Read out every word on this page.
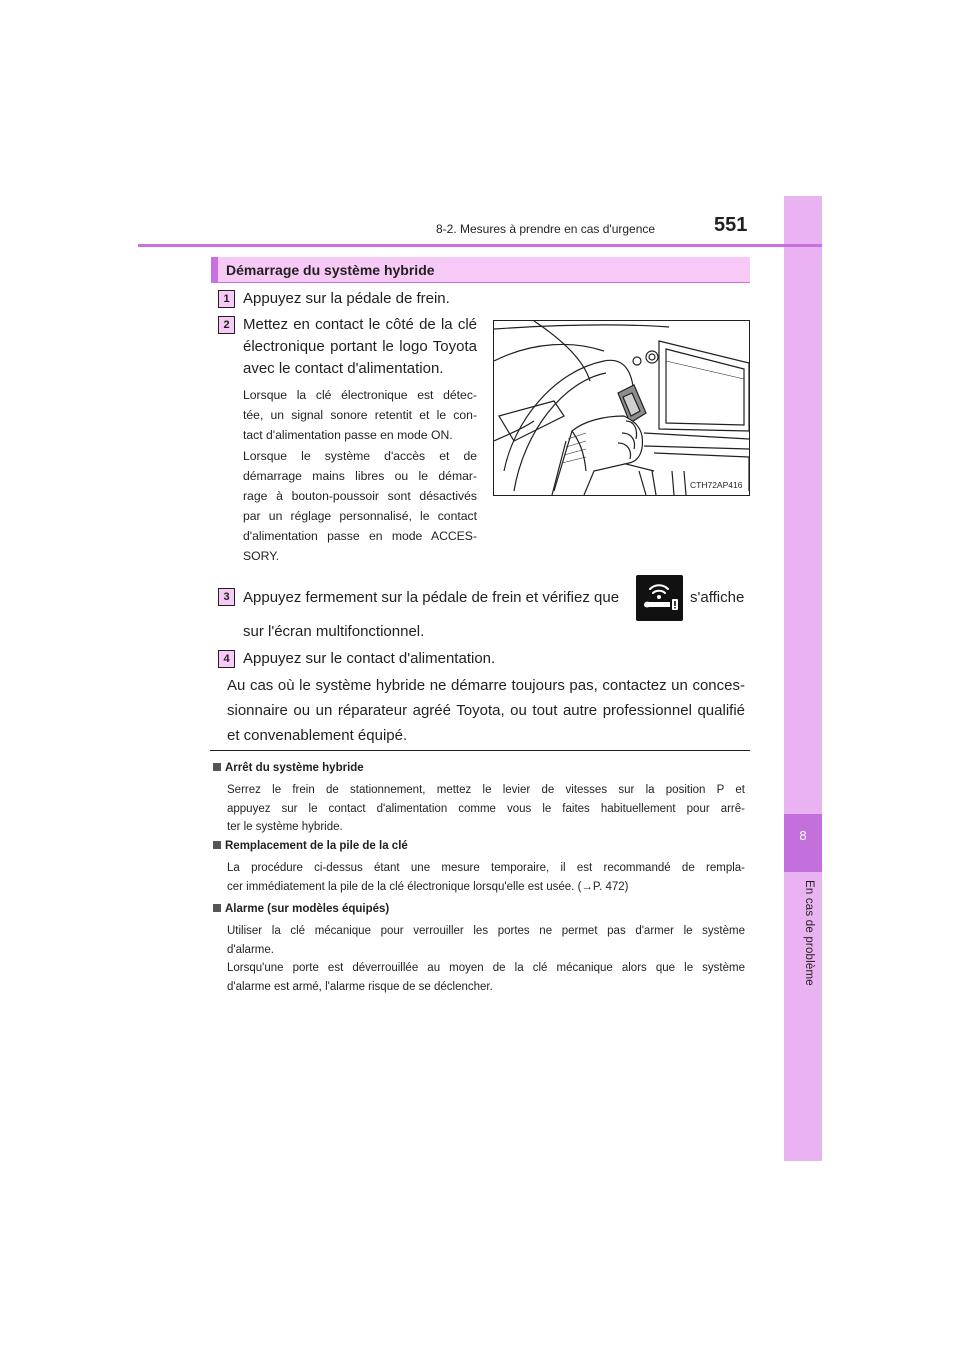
8
En cas de problème
8-2. Mesures à prendre en cas d'urgence	551
Démarrage du système hybride
1 Appuyez sur la pédale de frein.
2 Mettez en contact le côté de la clé
électronique portant le logo Toyota
avec le contact d'alimentation.
Lorsque la clé électronique est détec-
tée, un signal sonore retentit et le con-
tact d'alimentation passe en mode ON.
Lorsque le système d'accès et de
démarrage mains libres ou le démar-
rage à bouton-poussoir sont désactivés
par un réglage personnalisé, le contact
d'alimentation passe en mode ACCES-
SORY.
CTH72AP416
3 Appuyez fermement sur la pédale de frein et vérifiez que	s'affiche
sur l'écran multifonctionnel.
4 Appuyez sur le contact d'alimentation.
Au cas où le système hybride ne démarre toujours pas, contactez un conces-
sionnaire ou un réparateur agréé Toyota, ou tout autre professionnel qualifié
et convenablement équipé.
Arrêt du système hybride
Serrez le frein de stationnement, mettez le levier de vitesses sur la position P et
appuyez sur le contact d'alimentation comme vous le faites habituellement pour arrê-
ter le système hybride.
Remplacement de la pile de la clé
La procédure ci-dessus étant une mesure temporaire, il est recommandé de rempla-
cer immédiatement la pile de la clé électronique lorsqu'elle est usée. (→P. 472)
Alarme (sur modèles équipés)
Utiliser la clé mécanique pour verrouiller les portes ne permet pas d'armer le système
d'alarme.
Lorsqu'une porte est déverrouillée au moyen de la clé mécanique alors que le système
d'alarme est armé, l'alarme risque de se déclencher.
